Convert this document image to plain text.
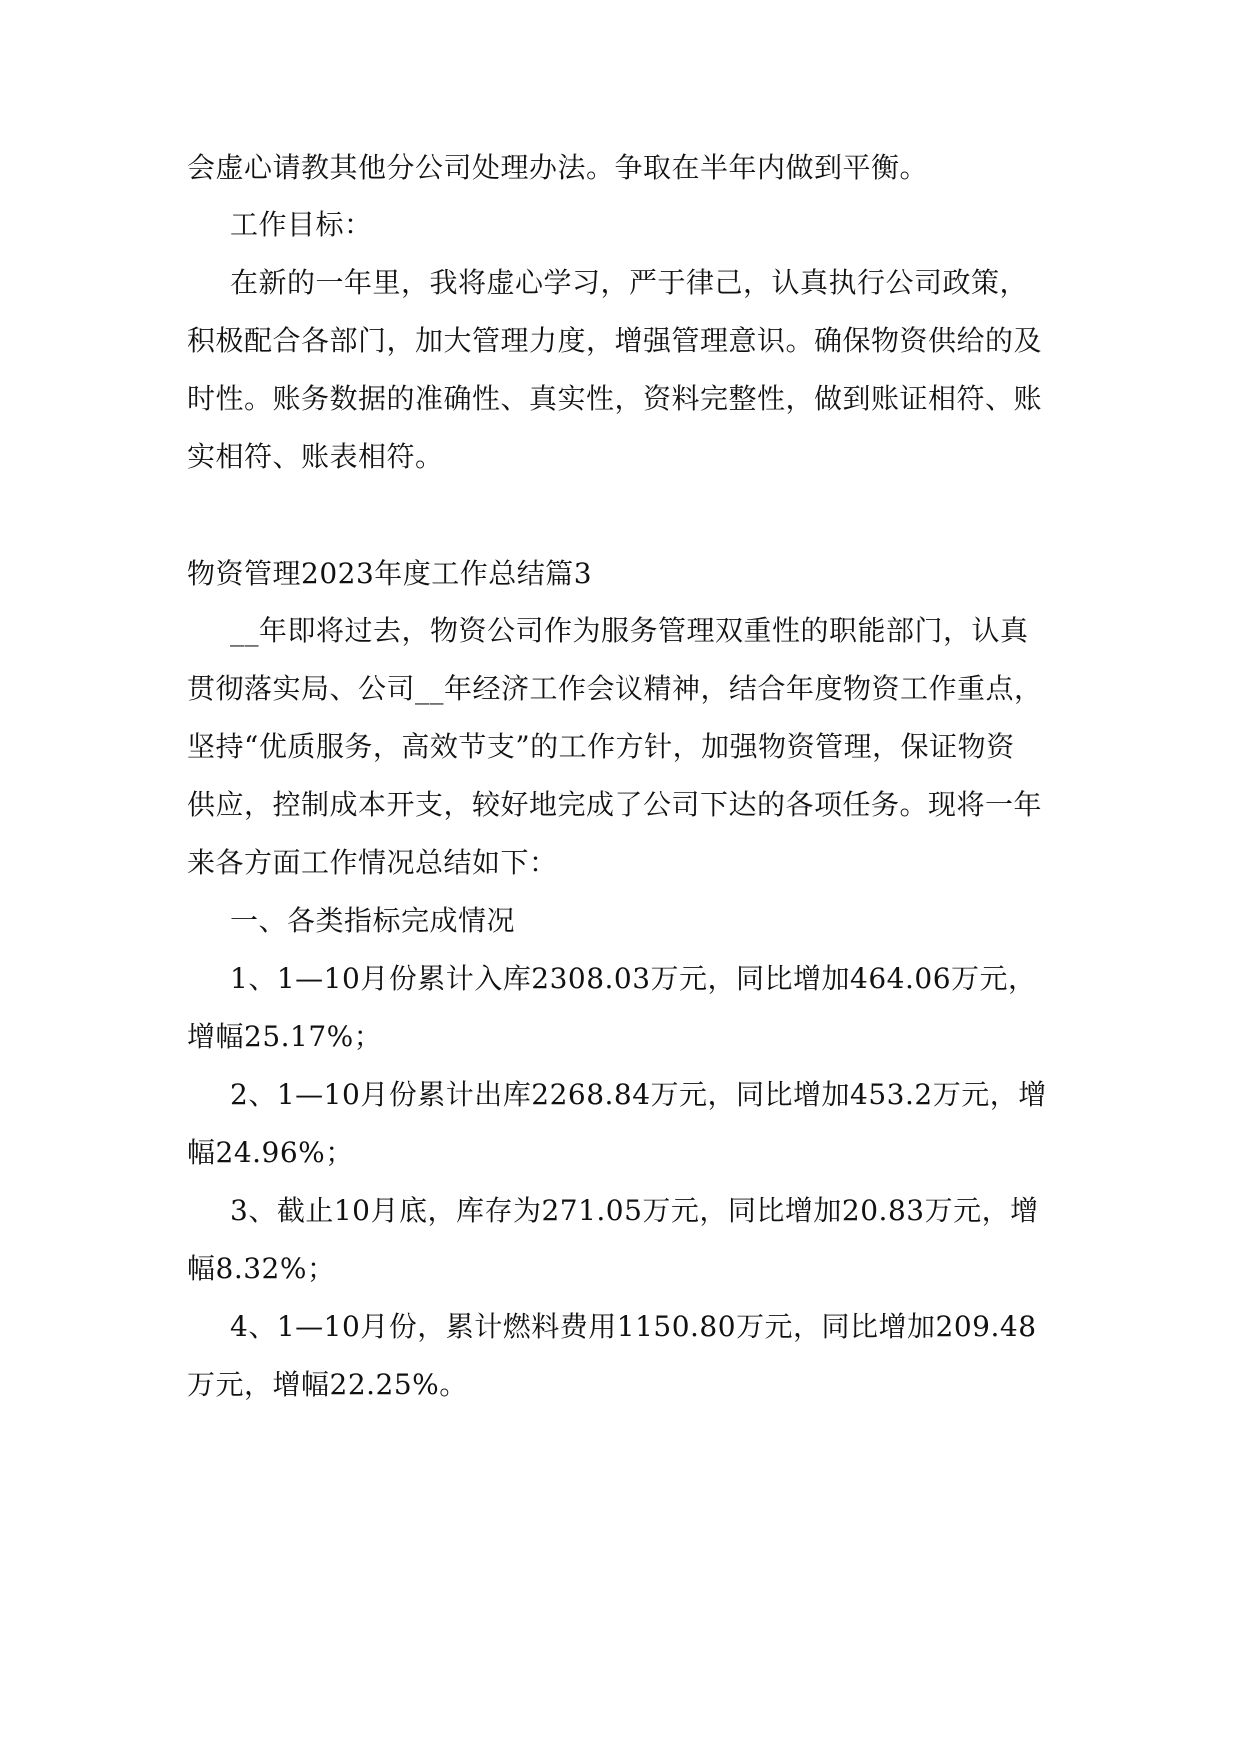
会虚心请教其他分公司处理办法。争取在半年内做到平衡。
工作目标：
在新的一年里，我将虚心学习，严于律己，认真执行公司政策，
积极配合各部门，加大管理力度，增强管理意识。确保物资供给的及
时性。账务数据的准确性、真实性，资料完整性，做到账证相符、账
实相符、账表相符。
物资管理2023年度工作总结篇3
__年即将过去，物资公司作为服务管理双重性的职能部门，认真
贯彻落实局、公司__年经济工作会议精神，结合年度物资工作重点，
坚持“优质服务，高效节支”的工作方针，加强物资管理，保证物资
供应，控制成本开支，较好地完成了公司下达的各项任务。现将一年
来各方面工作情况总结如下：
一、各类指标完成情况
1、1—10月份累计入库2308.03万元，同比增加464.06万元，
增幅25.17%；
2、1—10月份累计出库2268.84万元，同比增加453.2万元，增
幅24.96%；
3、截止10月底，库存为271.05万元，同比增加20.83万元，增
幅8.32%；
4、1—10月份，累计燃料费用1150.80万元，同比增加209.48
万元，增幅22.25%。
